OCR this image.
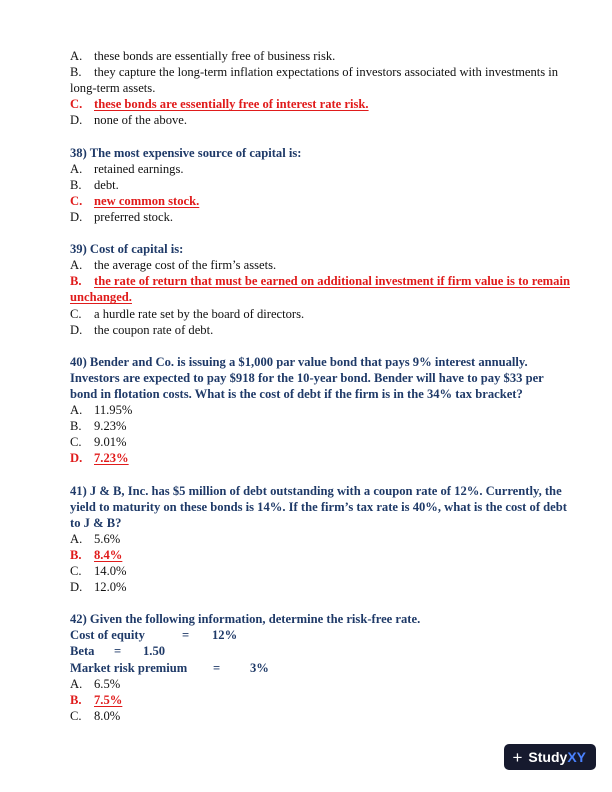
A. these bonds are essentially free of business risk.
B. they capture the long-term inflation expectations of investors associated with investments in long-term assets.
C. these bonds are essentially free of interest rate risk.
D. none of the above.
38) The most expensive source of capital is:
A. retained earnings.
B. debt.
C. new common stock.
D. preferred stock.
39) Cost of capital is:
A. the average cost of the firm’s assets.
B. the rate of return that must be earned on additional investment if firm value is to remain unchanged.
C. a hurdle rate set by the board of directors.
D. the coupon rate of debt.
40) Bender and Co. is issuing a $1,000 par value bond that pays 9% interest annually. Investors are expected to pay $918 for the 10-year bond. Bender will have to pay $33 per bond in flotation costs. What is the cost of debt if the firm is in the 34% tax bracket?
A. 11.95%
B. 9.23%
C. 9.01%
D. 7.23%
41) J & B, Inc. has $5 million of debt outstanding with a coupon rate of 12%. Currently, the yield to maturity on these bonds is 14%. If the firm’s tax rate is 40%, what is the cost of debt to J & B?
A. 5.6%
B. 8.4%
C. 14.0%
D. 12.0%
42) Given the following information, determine the risk-free rate.
Cost of equity	=	12%
Beta	=	1.50
Market risk premium	=	3%
A. 6.5%
B. 7.5%
C. 8.0%
+ StudyXY
